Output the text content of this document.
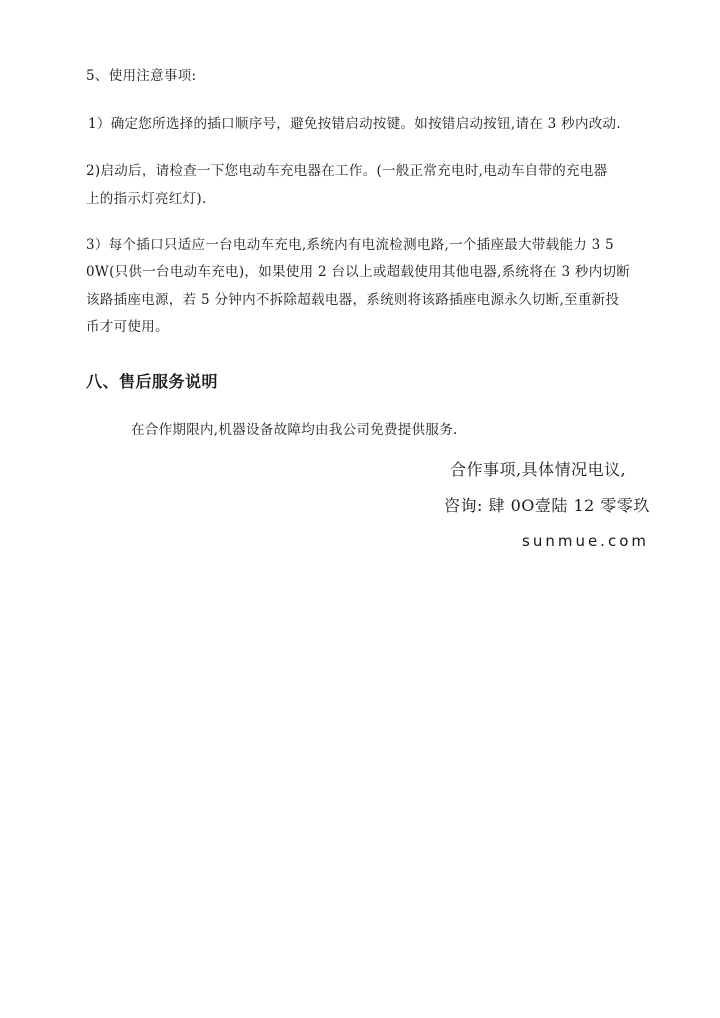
5、使用注意事项:
1）确定您所选择的插口顺序号，避免按错启动按键。如按错启动按钮,请在 3 秒内改动.
2)启动后，请检查一下您电动车充电器在工作。(一般正常充电时,电动车自带的充电器
上的指示灯亮红灯).
3）每个插口只适应一台电动车充电,系统内有电流检测电路,一个插座最大带载能力 3 5
0W(只供一台电动车充电)，如果使用 2 台以上或超载使用其他电器,系统将在 3 秒内切断
该路插座电源，若 5 分钟内不拆除超载电器，系统则将该路插座电源永久切断,至重新投
币才可使用。
八、售后服务说明
在合作期限内,机器设备故障均由我公司免费提供服务.
合作事项,具体情况电议,
咨询: 肆 0O壹陆 12 零零玖
sunmue.com
